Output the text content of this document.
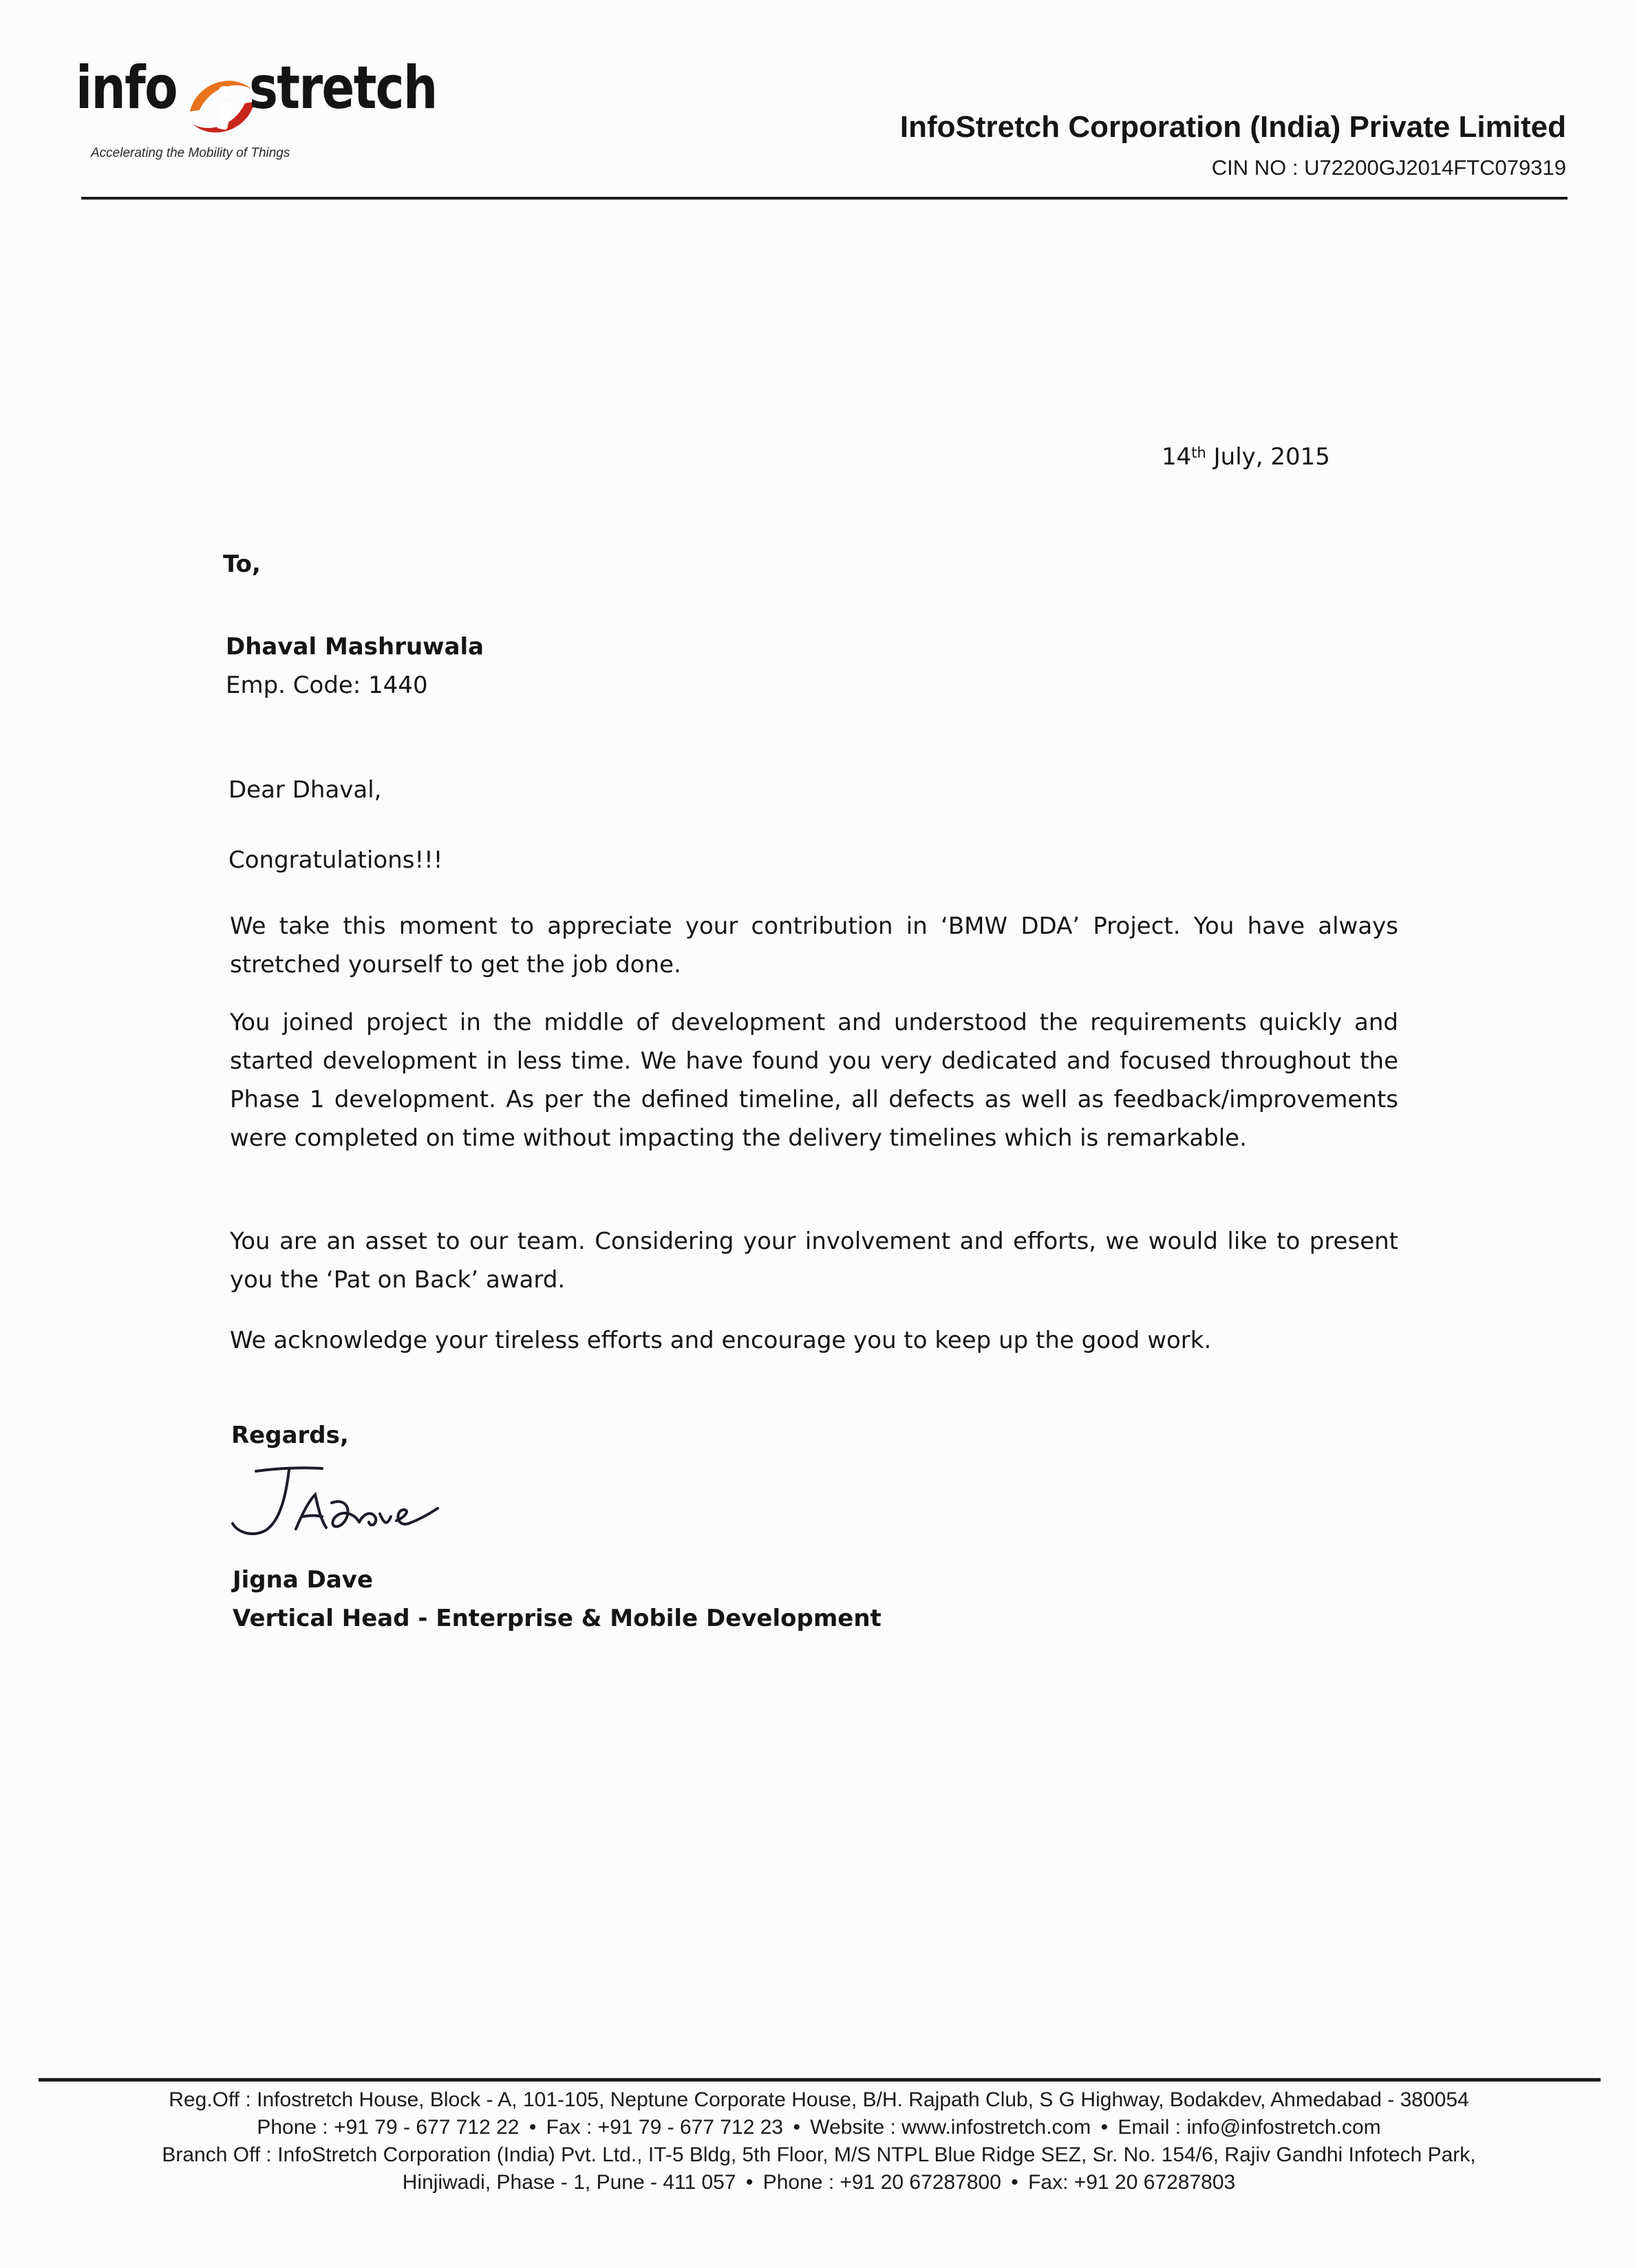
info stretch
Accelerating the Mobility of Things
InfoStretch Corporation (India) Private Limited
CIN NO : U72200GJ2014FTC079319
14th July, 2015
To,
Dhaval Mashruwala
Emp. Code: 1440
Dear Dhaval,
Congratulations!!!

We take this moment to appreciate your contribution in ‘BMW DDA’ Project. You have always stretched yourself to get the job done.

You joined project in the middle of development and understood the requirements quickly and started development in less time. We have found you very dedicated and focused throughout the Phase 1 development. As per the defined timeline, all defects as well as feedback/improvements were completed on time without impacting the delivery timelines which is remarkable.

You are an asset to our team. Considering your involvement and efforts, we would like to present you the ‘Pat on Back’ award.

We acknowledge your tireless efforts and encourage you to keep up the good work.

Regards,
Jigna Dave
Vertical Head - Enterprise & Mobile Development
Reg.Off : Infostretch House, Block - A, 101-105, Neptune Corporate House, B/H. Rajpath Club, S G Highway, Bodakdev, Ahmedabad - 380054
Phone : +91 79 - 677 712 22 • Fax : +91 79 - 677 712 23 • Website : www.infostretch.com • Email : info@infostretch.com
Branch Off : InfoStretch Corporation (India) Pvt. Ltd., IT-5 Bldg, 5th Floor, M/S NTPL Blue Ridge SEZ, Sr. No. 154/6, Rajiv Gandhi Infotech Park,
Hinjiwadi, Phase - 1, Pune - 411 057 • Phone : +91 20 67287800 • Fax: +91 20 67287803
